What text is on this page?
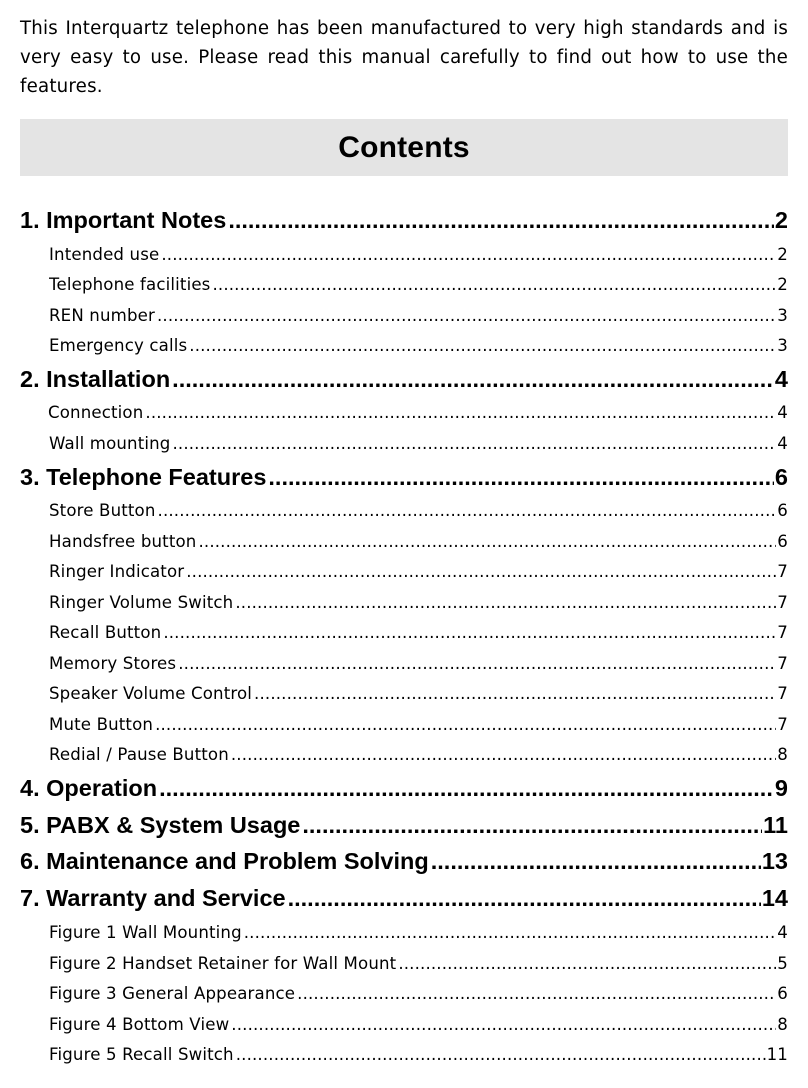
This Interquartz telephone has been manufactured to very high standards and is very easy to use. Please read this manual carefully to find out how to use the features.
Contents
1. Important Notes .....	2
Intended use .....	2
Telephone facilities .....	2
REN number .....	3
Emergency calls .....	3
2. Installation .....	4
Connection .....	4
Wall mounting .....	4
3. Telephone Features .....	6
Store Button .....	6
Handsfree button .....	6
Ringer Indicator .....	7
Ringer Volume Switch .....	7
Recall Button .....	7
Memory Stores .....	7
Speaker Volume Control .....	7
Mute Button .....	7
Redial / Pause Button .....	8
4. Operation .....	9
5. PABX & System Usage .....	11
6. Maintenance and Problem Solving .....	13
7. Warranty and Service .....	14
Figure 1 Wall Mounting .....	4
Figure 2 Handset Retainer for Wall Mount .....	5
Figure 3 General Appearance .....	6
Figure 4 Bottom View .....	8
Figure 5 Recall Switch .....	11
